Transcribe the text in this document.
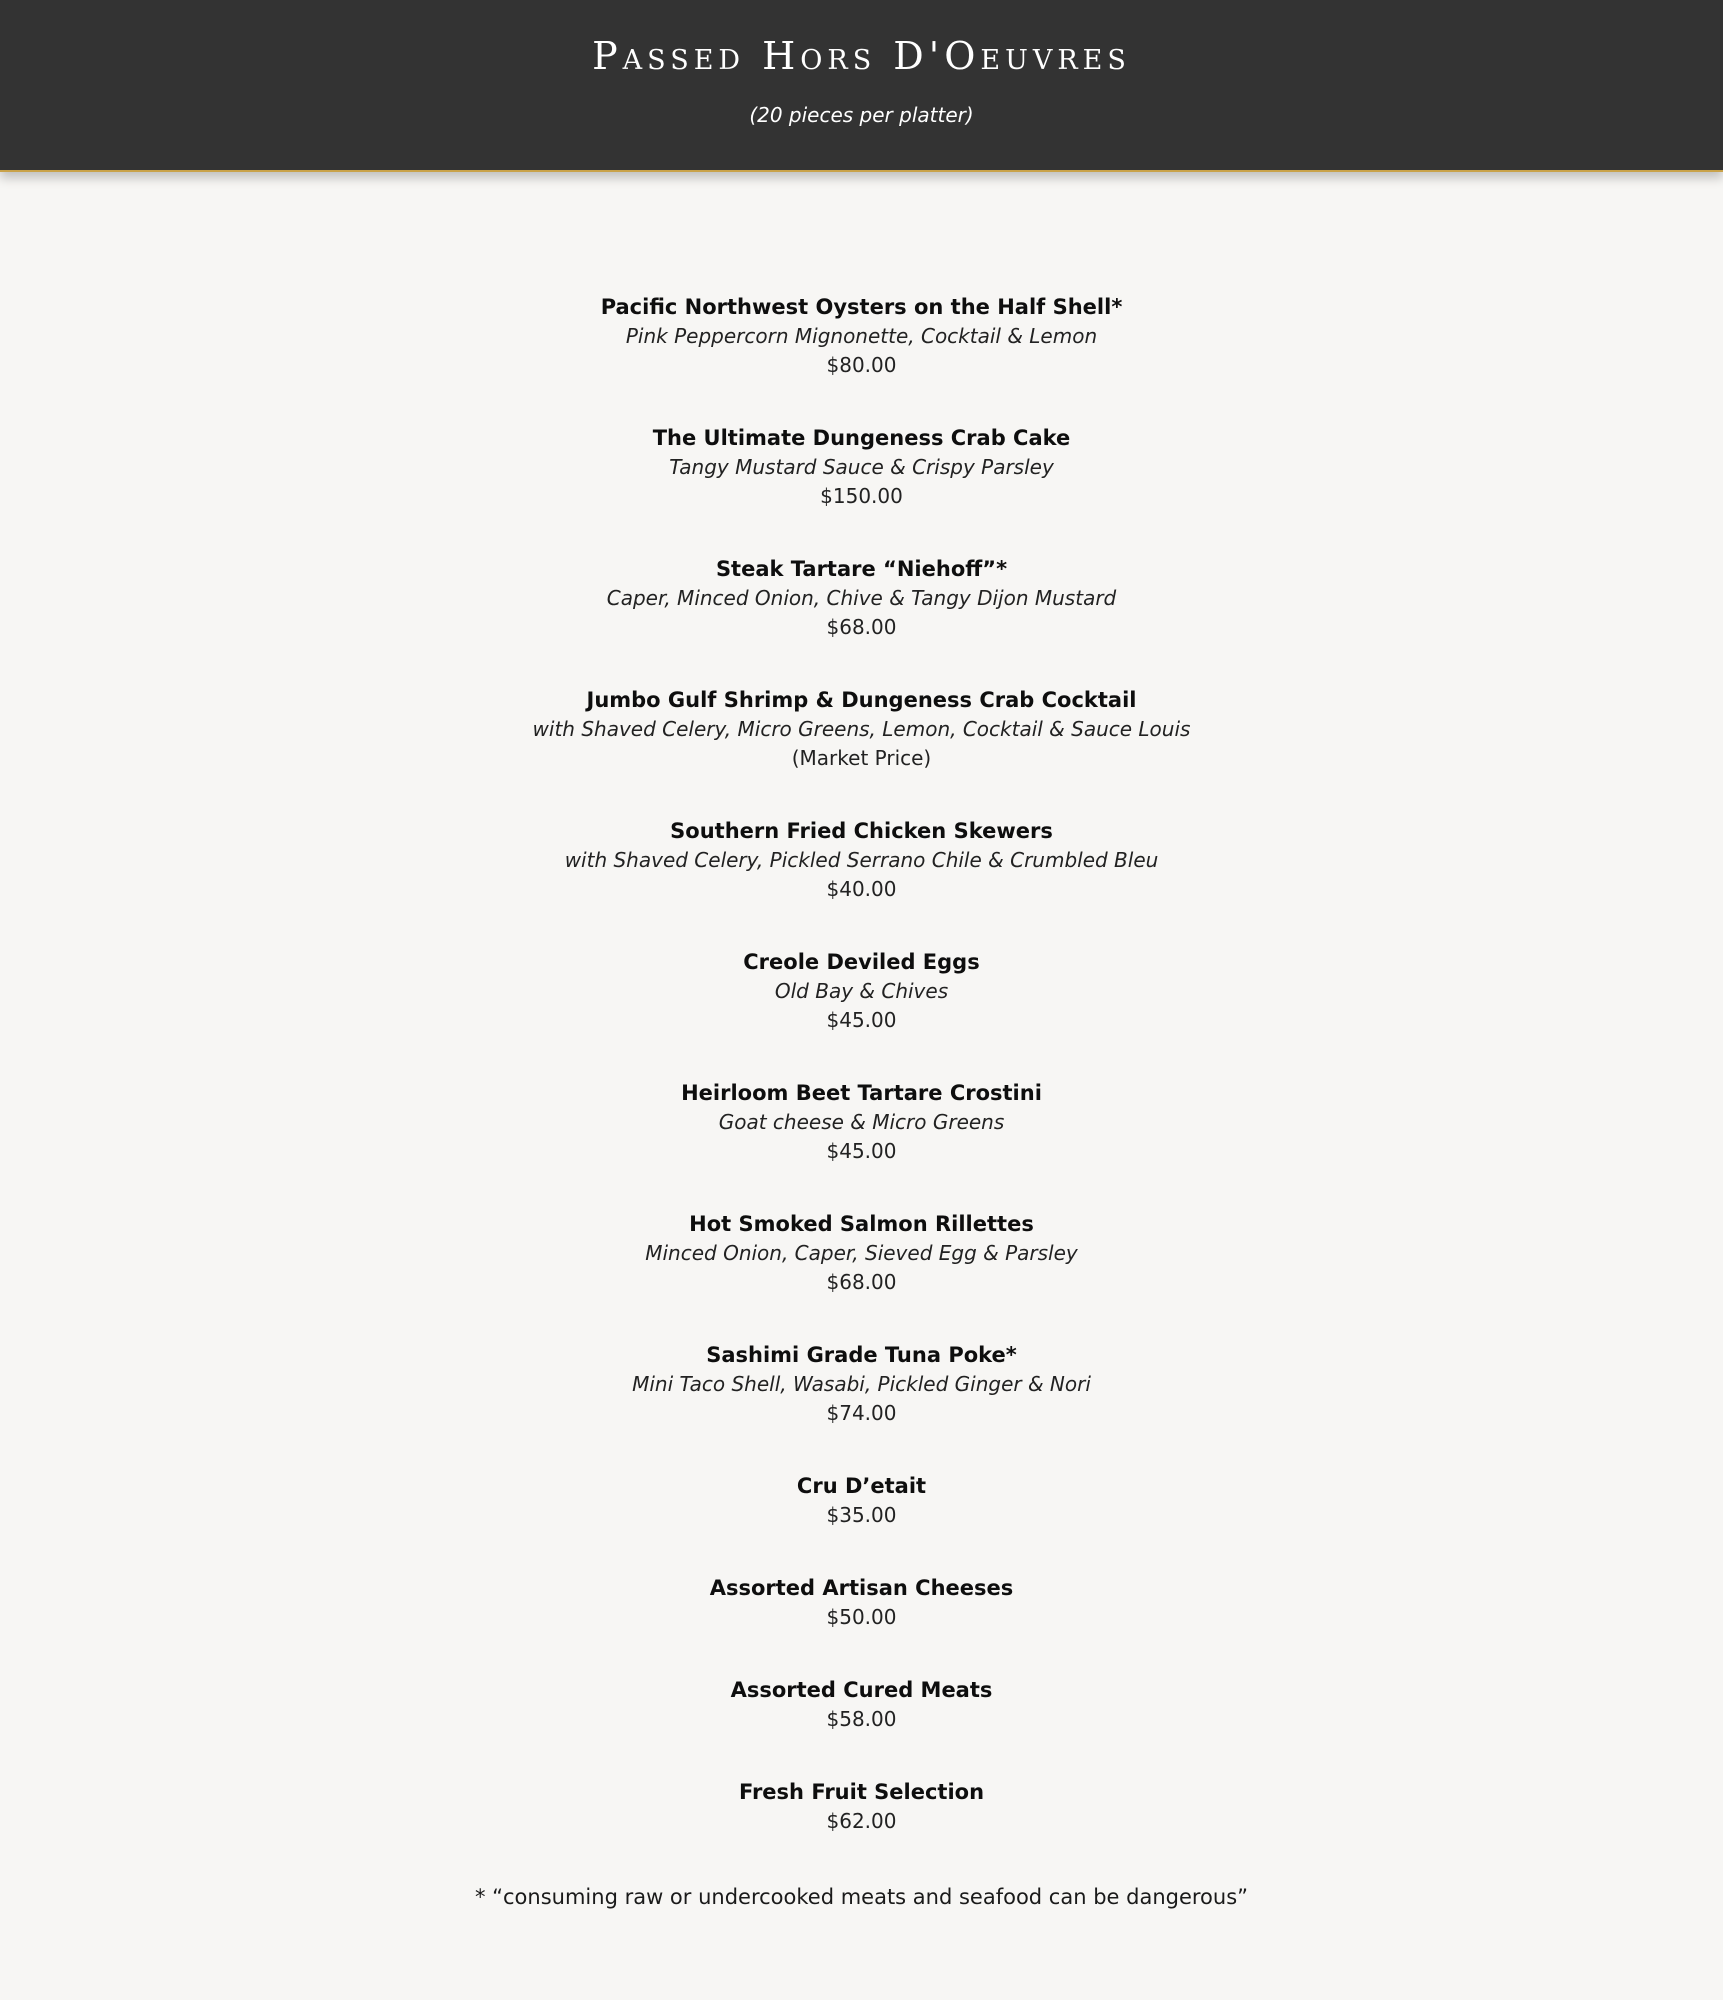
Passed Hors D'Oeuvres
(20 pieces per platter)
Pacific Northwest Oysters on the Half Shell*
Pink Peppercorn Mignonette, Cocktail & Lemon
$80.00
The Ultimate Dungeness Crab Cake
Tangy Mustard Sauce & Crispy Parsley
$150.00
Steak Tartare “Niehoff”*
Caper, Minced Onion, Chive & Tangy Dijon Mustard
$68.00
Jumbo Gulf Shrimp & Dungeness Crab Cocktail
with Shaved Celery, Micro Greens, Lemon, Cocktail & Sauce Louis
(Market Price)
Southern Fried Chicken Skewers
with Shaved Celery, Pickled Serrano Chile & Crumbled Bleu
$40.00
Creole Deviled Eggs
Old Bay & Chives
$45.00
Heirloom Beet Tartare Crostini
Goat cheese & Micro Greens
$45.00
Hot Smoked Salmon Rillettes
Minced Onion, Caper, Sieved Egg & Parsley
$68.00
Sashimi Grade Tuna Poke*
Mini Taco Shell, Wasabi, Pickled Ginger & Nori
$74.00
Cru D’etait
$35.00
Assorted Artisan Cheeses
$50.00
Assorted Cured Meats
$58.00
Fresh Fruit Selection
$62.00
* “consuming raw or undercooked meats and seafood can be dangerous”
